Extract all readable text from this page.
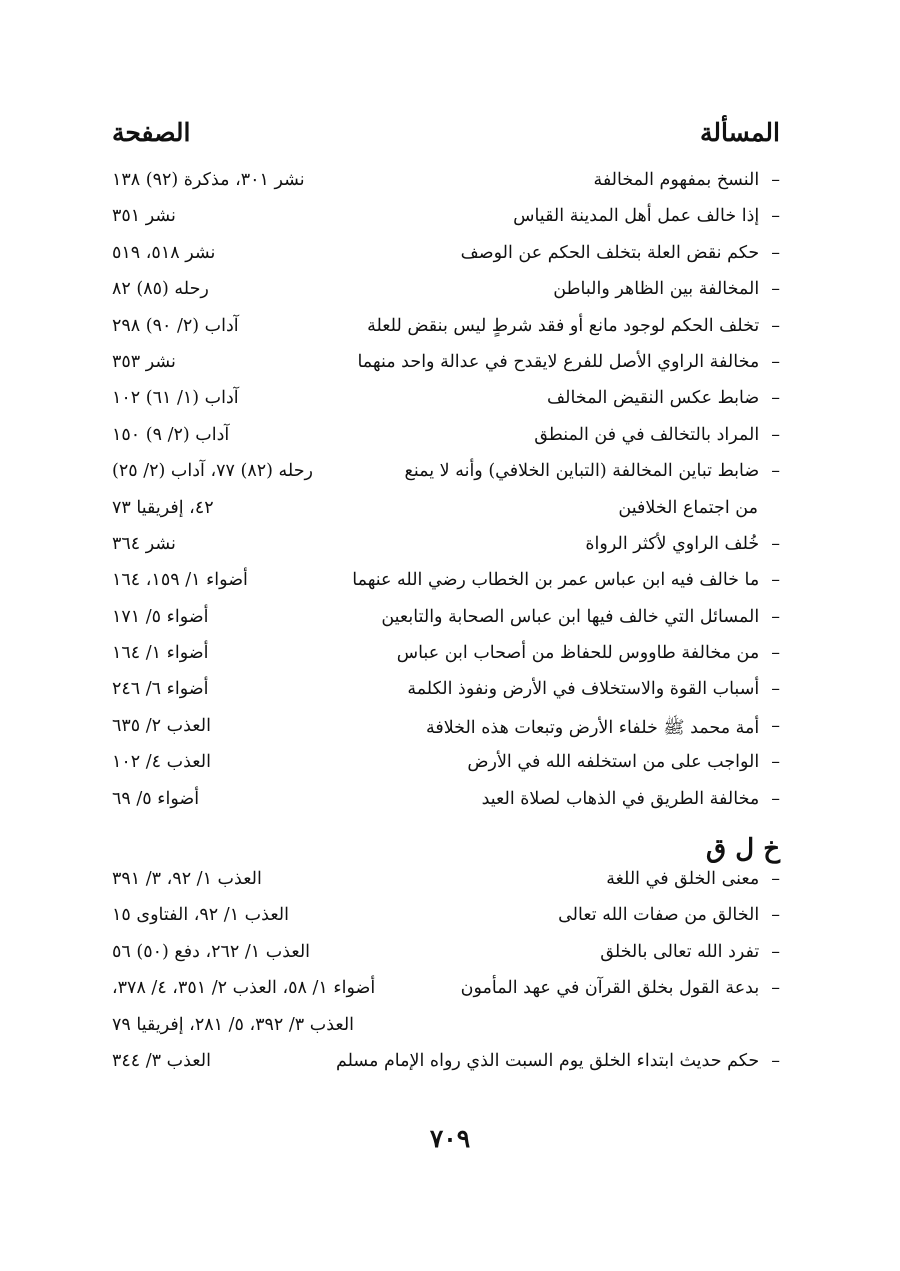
المسألة
الصفحة
–
النسخ بمفهوم المخالفة
نشر ٣٠١، مذكرة (٩٢) ١٣٨
–
إذا خالف عمل أهل المدينة القياس
نشر ٣٥١
–
حكم نقض العلة بتخلف الحكم عن الوصف
نشر ٥١٨، ٥١٩
–
المخالفة بين الظاهر والباطن
رحله (٨٥) ٨٢
–
تخلف الحكم لوجود مانع أو فقد شرطٍ ليس بنقض للعلة
آداب (٢/ ٩٠) ٢٩٨
–
مخالفة الراوي الأصل للفرع لايقدح في عدالة واحد منهما
نشر ٣٥٣
–
ضابط عكس النقيض المخالف
آداب (١/ ٦١) ١٠٢
–
المراد بالتخالف في فن المنطق
آداب (٢/ ٩) ١٥٠
–
ضابط تباين المخالفة (التباين الخلافي) وأنه لا يمنع
رحله (٨٢) ٧٧، آداب (٢/ ٢٥)
من اجتماع الخلافين
٤٢، إفريقيا ٧٣
–
خُلف الراوي لأكثر الرواة
نشر ٣٦٤
–
ما خالف فيه ابن عباس عمر بن الخطاب رضي الله عنهما
أضواء ١/ ١٥٩، ١٦٤
–
المسائل التي خالف فيها ابن عباس الصحابة والتابعين
أضواء ٥/ ١٧١
–
من مخالفة طاووس للحفاظ من أصحاب ابن عباس
أضواء ١/ ١٦٤
–
أسباب القوة والاستخلاف في الأرض ونفوذ الكلمة
أضواء ٦/ ٢٤٦
–
أمة محمد ﷺ خلفاء الأرض وتبعات هذه الخلافة
العذب ٢/ ٦٣٥
–
الواجب على من استخلفه الله في الأرض
العذب ٤/ ١٠٢
–
مخالفة الطريق في الذهاب لصلاة العيد
أضواء ٥/ ٦٩
خ ل ق
–
معنى الخلق في اللغة
العذب ١/ ٩٢، ٣/ ٣٩١
–
الخالق من صفات الله تعالى
العذب ١/ ٩٢، الفتاوى ١٥
–
تفرد الله تعالى بالخلق
العذب ١/ ٢٦٢، دفع (٥٠) ٥٦
–
بدعة القول بخلق القرآن في عهد المأمون
أضواء ١/ ٥٨، العذب ٢/ ٣٥١، ٤/ ٣٧٨،
العذب ٣/ ٣٩٢، ٥/ ٢٨١، إفريقيا ٧٩
–
حكم حديث ابتداء الخلق يوم السبت الذي رواه الإمام مسلم
العذب ٣/ ٣٤٤
٧٠٩
